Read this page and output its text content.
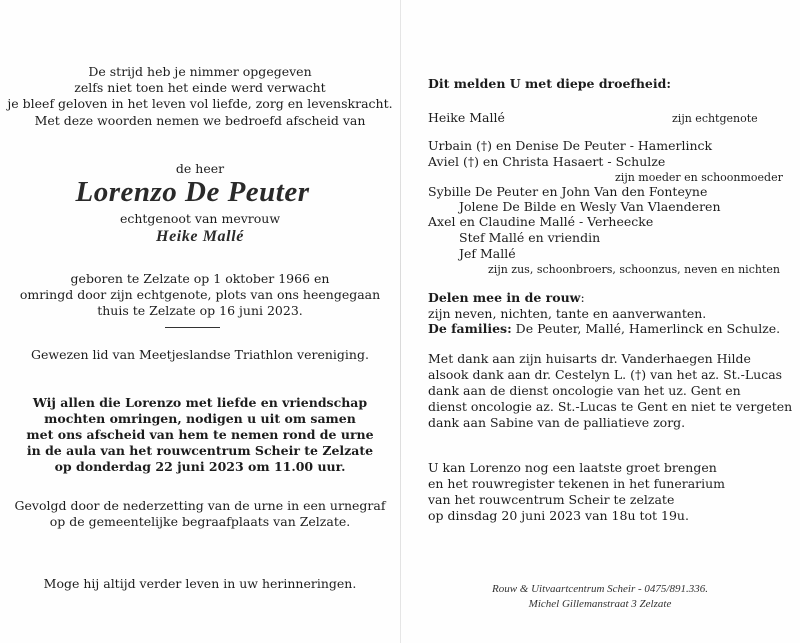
De strijd heb je nimmer opgegeven
zelfs niet toen het einde werd verwacht
je bleef geloven in het leven vol liefde, zorg en levenskracht.
Met deze woorden nemen we bedroefd afscheid van
de heer
Lorenzo De Peuter
echtgenoot van mevrouw
Heike Mallé
geboren te Zelzate op 1 oktober 1966 en
omringd door zijn echtgenote, plots van ons heengegaan
thuis te Zelzate op 16 juni 2023.
Gewezen lid van Meetjeslandse Triathlon vereniging.
Wij allen die Lorenzo met liefde en vriendschap
mochten omringen, nodigen u uit om samen
met ons afscheid van hem te nemen rond de urne
in de aula van het rouwcentrum Scheir te Zelzate
op donderdag 22 juni 2023 om 11.00 uur.
Gevolgd door de nederzetting van de urne in een urnegraf
op de gemeentelijke begraafplaats van Zelzate.
Moge hij altijd verder leven in uw herinneringen.
Dit melden U met diepe droefheid:
Heike Mallé	zijn echtgenote
Urbain (†) en Denise De Peuter - Hamerlinck
Aviel (†) en Christa Hasaert - Schulze
zijn moeder en schoonmoeder
Sybille De Peuter en John Van den Fonteyne
Jolene De Bilde en Wesly Van Vlaenderen
Axel en Claudine Mallé - Verheecke
Stef Mallé en vriendin
Jef Mallé
zijn zus, schoonbroers, schoonzus, neven en nichten
Delen mee in de rouw:
zijn neven, nichten, tante en aanverwanten.
De families: De Peuter, Mallé, Hamerlinck en Schulze.
Met dank aan zijn huisarts dr. Vanderhaegen Hilde
alsook dank aan dr. Cestelyn L. (†) van het az. St.-Lucas
dank aan de dienst oncologie van het uz. Gent en
dienst oncologie az. St.-Lucas te Gent en niet te vergeten
dank aan Sabine van de palliatieve zorg.
U kan Lorenzo nog een laatste groet brengen
en het rouwregister tekenen in het funerarium
van het rouwcentrum Scheir te zelzate
op dinsdag 20 juni 2023 van 18u tot 19u.
Rouw & Uitvaartcentrum Scheir - 0475/891.336.
Michel Gillemanstraat 3 Zelzate
